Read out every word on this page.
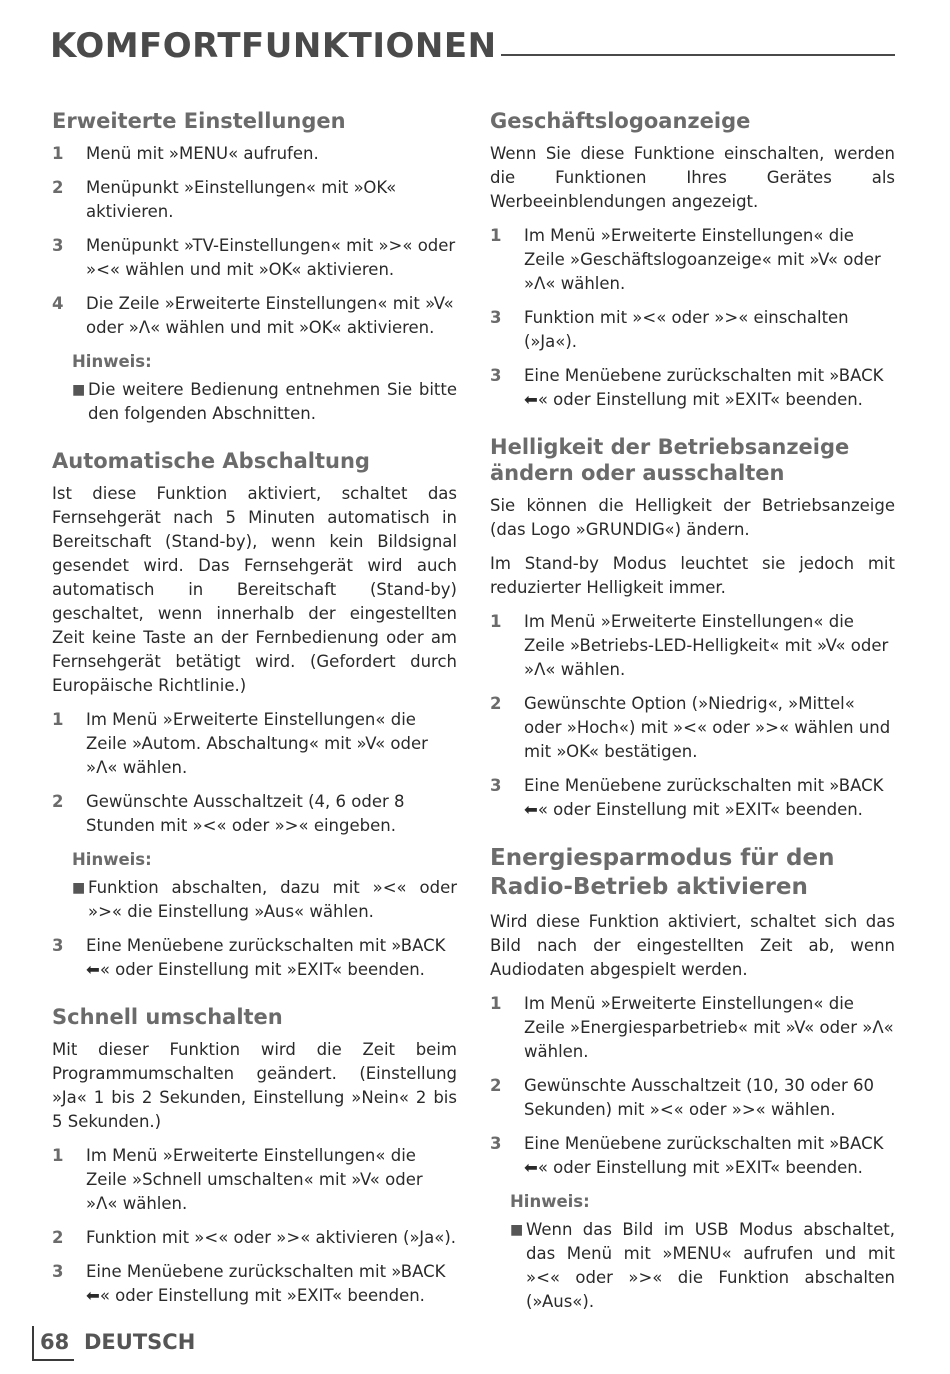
KOMFORTFUNKTIONEN
Erweiterte Einstellungen
1	Menü mit »MENU« aufrufen.
2	Menüpunkt »Einstellungen« mit »OK« aktivieren.
3	Menüpunkt »TV-Einstellungen« mit »>« oder »<« wählen und mit »OK« aktivieren.
4	Die Zeile »Erweiterte Einstellungen« mit »V« oder »Λ« wählen und mit »OK« aktivieren.
Hinweis:
■ Die weitere Bedienung entnehmen Sie bitte den folgenden Abschnitten.
Automatische Abschaltung

Ist diese Funktion aktiviert, schaltet das Fernsehgerät nach 5 Minuten automatisch in Bereitschaft (Stand-by), wenn kein Bildsignal gesendet wird. Das Fernsehgerät wird auch automatisch in Bereitschaft (Stand-by) geschaltet, wenn innerhalb der eingestellten Zeit keine Taste an der Fernbedienung oder am Fernsehgerät betätigt wird. (Gefordert durch Europäische Richtlinie.)

1	Im Menü »Erweiterte Einstellungen« die Zeile »Autom. Abschaltung« mit »V« oder »Λ« wählen.
2	Gewünschte Ausschaltzeit (4, 6 oder 8 Stunden mit »<« oder »>« eingeben.
Hinweis:
■ Funktion abschalten, dazu mit »<« oder »>« die Einstellung »Aus« wählen.
3	Eine Menüebene zurückschalten mit »BACK ⬅« oder Einstellung mit »EXIT« beenden.
Schnell umschalten

Mit dieser Funktion wird die Zeit beim Programmumschalten geändert. (Einstellung »Ja« 1 bis 2 Sekunden, Einstellung »Nein« 2 bis 5 Sekunden.)

1	Im Menü »Erweiterte Einstellungen« die Zeile »Schnell umschalten« mit »V« oder »Λ« wählen.
2	Funktion mit »<« oder »>« aktivieren (»Ja«).
3	Eine Menüebene zurückschalten mit »BACK ⬅« oder Einstellung mit »EXIT« beenden.
Geschäftslogoanzeige

Wenn Sie diese Funktione einschalten, werden die Funktionen Ihres Gerätes als Werbeeinblendungen angezeigt.

1	Im Menü »Erweiterte Einstellungen« die Zeile »Geschäftslogoanzeige« mit »V« oder »Λ« wählen.
3	Funktion mit »<« oder »>« einschalten (»Ja«).
3	Eine Menüebene zurückschalten mit »BACK ⬅« oder Einstellung mit »EXIT« beenden.
Helligkeit der Betriebsanzeige ändern oder ausschalten

Sie können die Helligkeit der Betriebsanzeige (das Logo »GRUNDIG«) ändern.

Im Stand-by Modus leuchtet sie jedoch mit reduzierter Helligkeit immer.

1	Im Menü »Erweiterte Einstellungen« die Zeile »Betriebs-LED-Helligkeit« mit »V« oder »Λ« wählen.
2	Gewünschte Option (»Niedrig«, »Mittel« oder »Hoch«) mit »<« oder »>« wählen und mit »OK« bestätigen.
3	Eine Menüebene zurückschalten mit »BACK ⬅« oder Einstellung mit »EXIT« beenden.
Energiesparmodus für den Radio-Betrieb aktivieren

Wird diese Funktion aktiviert, schaltet sich das Bild nach der eingestellten Zeit ab, wenn Audiodaten abgespielt werden.

1	Im Menü »Erweiterte Einstellungen« die Zeile »Energiesparbetrieb« mit »V« oder »Λ« wählen.
2	Gewünschte Ausschaltzeit (10, 30 oder 60 Sekunden) mit »<« oder »>« wählen.
3	Eine Menüebene zurückschalten mit »BACK ⬅« oder Einstellung mit »EXIT« beenden.
Hinweis:
■ Wenn das Bild im USB Modus abschaltet, das Menü mit »MENU« aufrufen und mit »<« oder »>« die Funktion abschalten (»Aus«).
68 DEUTSCH
